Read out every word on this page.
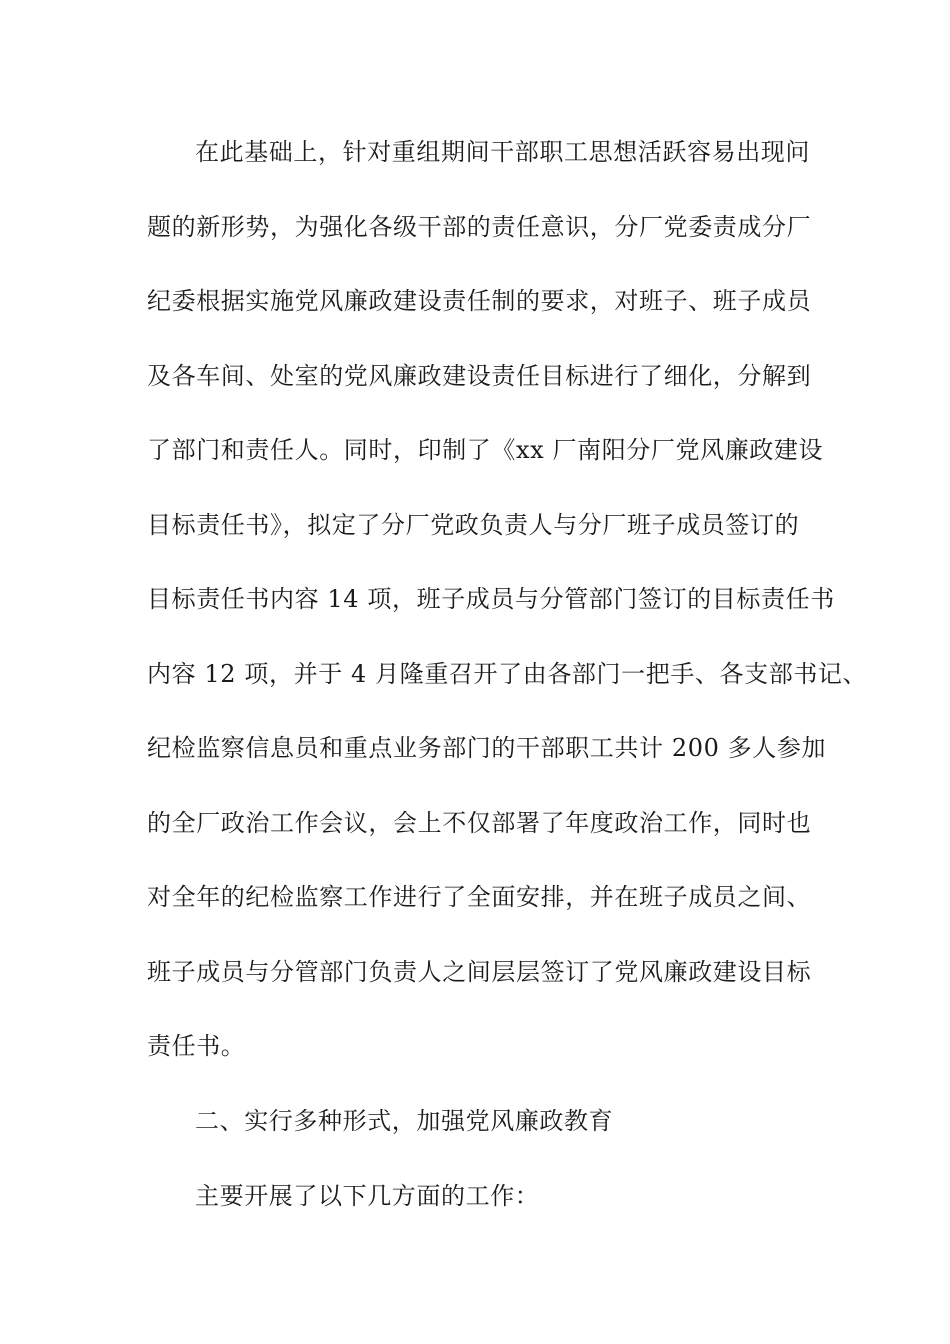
在此基础上，针对重组期间干部职工思想活跃容易出现问
题的新形势，为强化各级干部的责任意识，分厂党委责成分厂
纪委根据实施党风廉政建设责任制的要求，对班子、班子成员
及各车间、处室的党风廉政建设责任目标进行了细化，分解到
了部门和责任人。同时，印制了《xx 厂南阳分厂党风廉政建设
目标责任书》，拟定了分厂党政负责人与分厂班子成员签订的
目标责任书内容 14 项，班子成员与分管部门签订的目标责任书
内容 12 项，并于 4 月隆重召开了由各部门一把手、各支部书记、
纪检监察信息员和重点业务部门的干部职工共计 200 多人参加
的全厂政治工作会议，会上不仅部署了年度政治工作，同时也
对全年的纪检监察工作进行了全面安排，并在班子成员之间、
班子成员与分管部门负责人之间层层签订了党风廉政建设目标
责任书。
二、实行多种形式，加强党风廉政教育
主要开展了以下几方面的工作：
